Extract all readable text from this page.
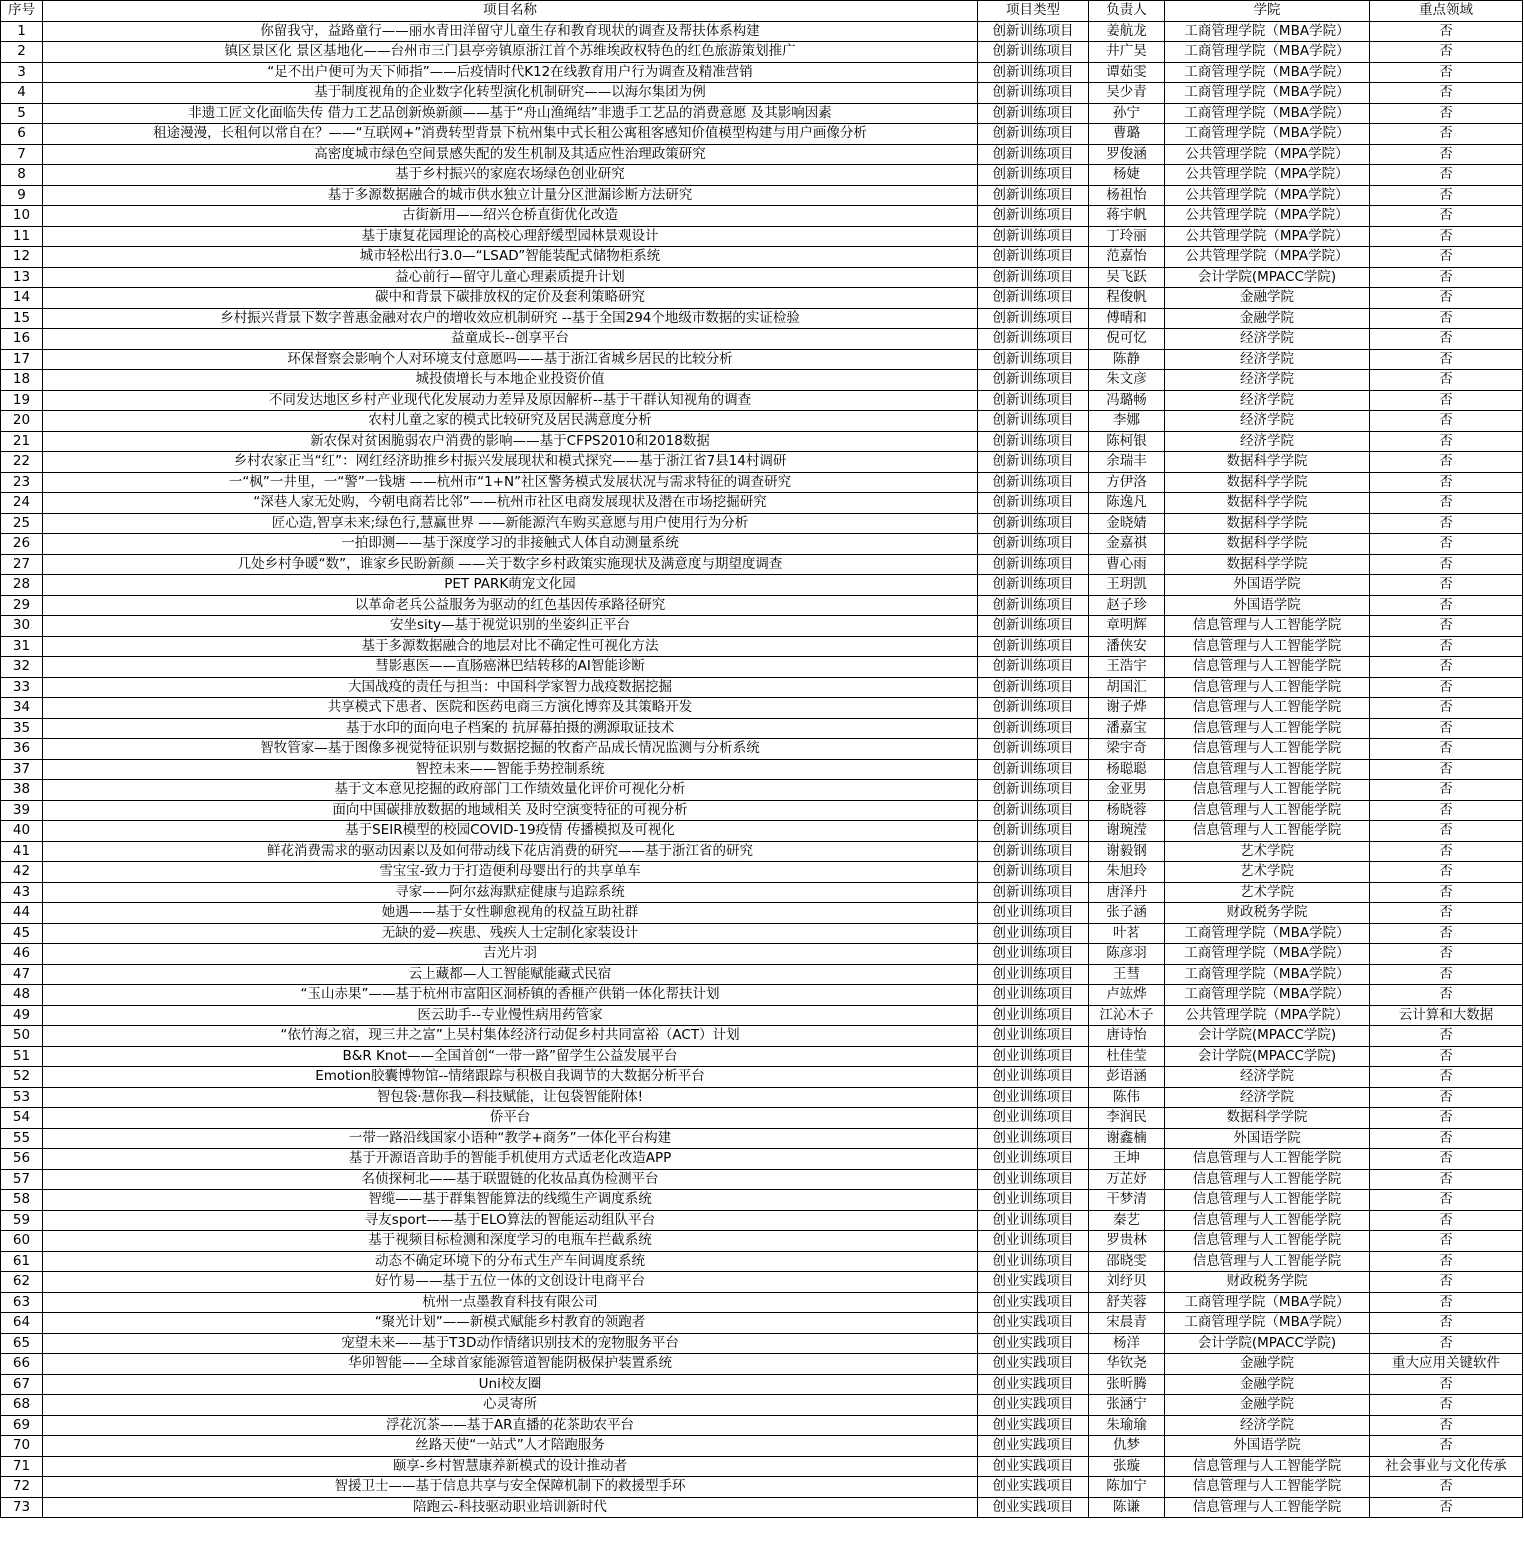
序号	项目名称	项目类型	负责人	学院	重点领域
1	你留我守，益路童行——丽水青田洋留守儿童生存和教育现状的调查及帮扶体系构建	创新训练项目	姜航龙	工商管理学院（MBA学院）	否
2	镇区景区化 景区基地化——台州市三门县亭旁镇原浙江首个苏维埃政权特色的红色旅游策划推广	创新训练项目	井广昊	工商管理学院（MBA学院）	否
3	“足不出户便可为天下师指”——后疫情时代K12在线教育用户行为调查及精准营销	创新训练项目	谭茹雯	工商管理学院（MBA学院）	否
4	基于制度视角的企业数字化转型演化机制研究——以海尔集团为例	创新训练项目	吴少青	工商管理学院（MBA学院）	否
5	非遗工匠文化面临失传 借力工艺品创新焕新颜——基于“舟山渔绳结”非遗手工艺品的消费意愿 及其影响因素	创新训练项目	孙宁	工商管理学院（MBA学院）	否
6	租途漫漫，长租何以常自在？——“互联网+”消费转型背景下杭州集中式长租公寓租客感知价值模型构建与用户画像分析	创新训练项目	曹璐	工商管理学院（MBA学院）	否
7	高密度城市绿色空间景感失配的发生机制及其适应性治理政策研究	创新训练项目	罗俊涵	公共管理学院（MPA学院）	否
8	基于乡村振兴的家庭农场绿色创业研究	创新训练项目	杨婕	公共管理学院（MPA学院）	否
9	基于多源数据融合的城市供水独立计量分区泄漏诊断方法研究	创新训练项目	杨祖怡	公共管理学院（MPA学院）	否
10	古街新用——绍兴仓桥直街优化改造	创新训练项目	蒋宇帆	公共管理学院（MPA学院）	否
11	基于康复花园理论的高校心理舒缓型园林景观设计	创新训练项目	丁玲丽	公共管理学院（MPA学院）	否
12	城市轻松出行3.0—“LSAD”智能装配式储物柜系统	创新训练项目	范嘉怡	公共管理学院（MPA学院）	否
13	益心前行—留守儿童心理素质提升计划	创新训练项目	吴飞跃	会计学院(MPACC学院)	否
14	碳中和背景下碳排放权的定价及套利策略研究	创新训练项目	程俊帆	金融学院	否
15	乡村振兴背景下数字普惠金融对农户的增收效应机制研究 --基于全国294个地级市数据的实证检验	创新训练项目	傅晴和	金融学院	否
16	益童成长--创享平台	创新训练项目	倪可忆	经济学院	否
17	环保督察会影响个人对环境支付意愿吗——基于浙江省城乡居民的比较分析	创新训练项目	陈静	经济学院	否
18	城投债增长与本地企业投资价值	创新训练项目	朱文彦	经济学院	否
19	不同发达地区乡村产业现代化发展动力差异及原因解析--基于干群认知视角的调查	创新训练项目	冯璐畅	经济学院	否
20	农村儿童之家的模式比较研究及居民满意度分析	创新训练项目	李娜	经济学院	否
21	新农保对贫困脆弱农户消费的影响——基于CFPS2010和2018数据	创新训练项目	陈柯银	经济学院	否
22	乡村农家正当“红”：网红经济助推乡村振兴发展现状和模式探究——基于浙江省7县14村调研	创新训练项目	余瑞丰	数据科学学院	否
23	一“枫”一井里，一“警”一钱塘 ——杭州市“1+N”社区警务模式发展状况与需求特征的调查研究	创新训练项目	方伊洛	数据科学学院	否
24	“深巷人家无处购，今朝电商若比邻”——杭州市社区电商发展现状及潜在市场挖掘研究	创新训练项目	陈逸凡	数据科学学院	否
25	匠心造,智享未来;绿色行,慧赢世界 ——新能源汽车购买意愿与用户使用行为分析	创新训练项目	金晓婧	数据科学学院	否
26	一拍即测——基于深度学习的非接触式人体自动测量系统	创新训练项目	金嘉祺	数据科学学院	否
27	几处乡村争暖“数”，谁家乡民盼新颜 ——关于数字乡村政策实施现状及满意度与期望度调查	创新训练项目	曹心雨	数据科学学院	否
28	PET PARK萌宠文化园	创新训练项目	王玥凯	外国语学院	否
29	以革命老兵公益服务为驱动的红色基因传承路径研究	创新训练项目	赵子珍	外国语学院	否
30	安坐sity—基于视觉识别的坐姿纠正平台	创新训练项目	章明辉	信息管理与人工智能学院	否
31	基于多源数据融合的地层对比不确定性可视化方法	创新训练项目	潘侠安	信息管理与人工智能学院	否
32	彗影惠医——直肠癌淋巴结转移的AI智能诊断	创新训练项目	王浩宇	信息管理与人工智能学院	否
33	大国战疫的责任与担当：中国科学家智力战疫数据挖掘	创新训练项目	胡国汇	信息管理与人工智能学院	否
34	共享模式下患者、医院和医药电商三方演化博弈及其策略开发	创新训练项目	谢子烨	信息管理与人工智能学院	否
35	基于水印的面向电子档案的 抗屏幕拍摄的溯源取证技术	创新训练项目	潘嘉宝	信息管理与人工智能学院	否
36	智牧管家—基于图像多视觉特征识别与数据挖掘的牧畜产品成长情况监测与分析系统	创新训练项目	梁宇奇	信息管理与人工智能学院	否
37	智控未来——智能手势控制系统	创新训练项目	杨聪聪	信息管理与人工智能学院	否
38	基于文本意见挖掘的政府部门工作绩效量化评价可视化分析	创新训练项目	金亚男	信息管理与人工智能学院	否
39	面向中国碳排放数据的地域相关 及时空演变特征的可视分析	创新训练项目	杨晓蓉	信息管理与人工智能学院	否
40	基于SEIR模型的校园COVID-19疫情 传播模拟及可视化	创新训练项目	谢琬滢	信息管理与人工智能学院	否
41	鲜花消费需求的驱动因素以及如何带动线下花店消费的研究——基于浙江省的研究	创新训练项目	谢毅钢	艺术学院	否
42	雪宝宝-致力于打造便利母婴出行的共享单车	创新训练项目	朱旭玲	艺术学院	否
43	寻家——阿尔兹海默症健康与追踪系统	创新训练项目	唐泽丹	艺术学院	否
44	她遇——基于女性聊愈视角的权益互助社群	创业训练项目	张子涵	财政税务学院	否
45	无缺的爱—疾患、残疾人士定制化家装设计	创业训练项目	叶茗	工商管理学院（MBA学院）	否
46	吉光片羽	创业训练项目	陈彦羽	工商管理学院（MBA学院）	否
47	云上藏都—人工智能赋能藏式民宿	创业训练项目	王彗	工商管理学院（MBA学院）	否
48	“玉山赤果”——基于杭州市富阳区洞桥镇的香榧产供销一体化帮扶计划	创业训练项目	卢竑烨	工商管理学院（MBA学院）	否
49	医云助手--专业慢性病用药管家	创业训练项目	江沁木子	公共管理学院（MPA学院）	云计算和大数据
50	“依竹海之宿，现三井之富”上吴村集体经济行动促乡村共同富裕（ACT）计划	创业训练项目	唐诗怡	会计学院(MPACC学院)	否
51	B&R Knot——全国首创“一带一路”留学生公益发展平台	创业训练项目	杜佳莹	会计学院(MPACC学院)	否
52	Emotion胶囊博物馆--情绪跟踪与积极自我调节的大数据分析平台	创业训练项目	彭语涵	经济学院	否
53	智包袋·慧你我—科技赋能，让包袋智能附体!	创业训练项目	陈伟	经济学院	否
54	侨平台	创业训练项目	李润民	数据科学学院	否
55	一带一路沿线国家小语种“教学+商务”一体化平台构建	创业训练项目	谢鑫楠	外国语学院	否
56	基于开源语音助手的智能手机使用方式适老化改造APP	创业训练项目	王坤	信息管理与人工智能学院	否
57	名侦探柯北——基于联盟链的化妆品真伪检测平台	创业训练项目	万芷妤	信息管理与人工智能学院	否
58	智缆——基于群集智能算法的线缆生产调度系统	创业训练项目	干梦清	信息管理与人工智能学院	否
59	寻友sport——基于ELO算法的智能运动组队平台	创业训练项目	秦艺	信息管理与人工智能学院	否
60	基于视频目标检测和深度学习的电瓶车拦截系统	创业训练项目	罗贵林	信息管理与人工智能学院	否
61	动态不确定环境下的分布式生产车间调度系统	创业训练项目	邵晓雯	信息管理与人工智能学院	否
62	好竹易——基于五位一体的文创设计电商平台	创业实践项目	刘纾贝	财政税务学院	否
63	杭州一点墨教育科技有限公司	创业实践项目	舒芙蓉	工商管理学院（MBA学院）	否
64	“聚光计划”——新模式赋能乡村教育的领跑者	创业实践项目	宋晨青	工商管理学院（MBA学院）	否
65	宠望未来——基于T3D动作情绪识别技术的宠物服务平台	创业实践项目	杨洋	会计学院(MPACC学院)	否
66	华卯智能——全球首家能源管道智能阴极保护装置系统	创业实践项目	华钦尧	金融学院	重大应用关键软件
67	Uni校友圈	创业实践项目	张昕腾	金融学院	否
68	心灵寄所	创业实践项目	张涵宁	金融学院	否
69	浮花沉茶——基于AR直播的花茶助农平台	创业实践项目	朱瑜瑜	经济学院	否
70	丝路天使“一站式”人才陪跑服务	创业实践项目	仇梦	外国语学院	否
71	颐享-乡村智慧康养新模式的设计推动者	创业实践项目	张璇	信息管理与人工智能学院	社会事业与文化传承
72	智援卫士——基于信息共享与安全保障机制下的救援型手环	创业实践项目	陈加宁	信息管理与人工智能学院	否
73	陪跑云-科技驱动职业培训新时代	创业实践项目	陈谦	信息管理与人工智能学院	否
